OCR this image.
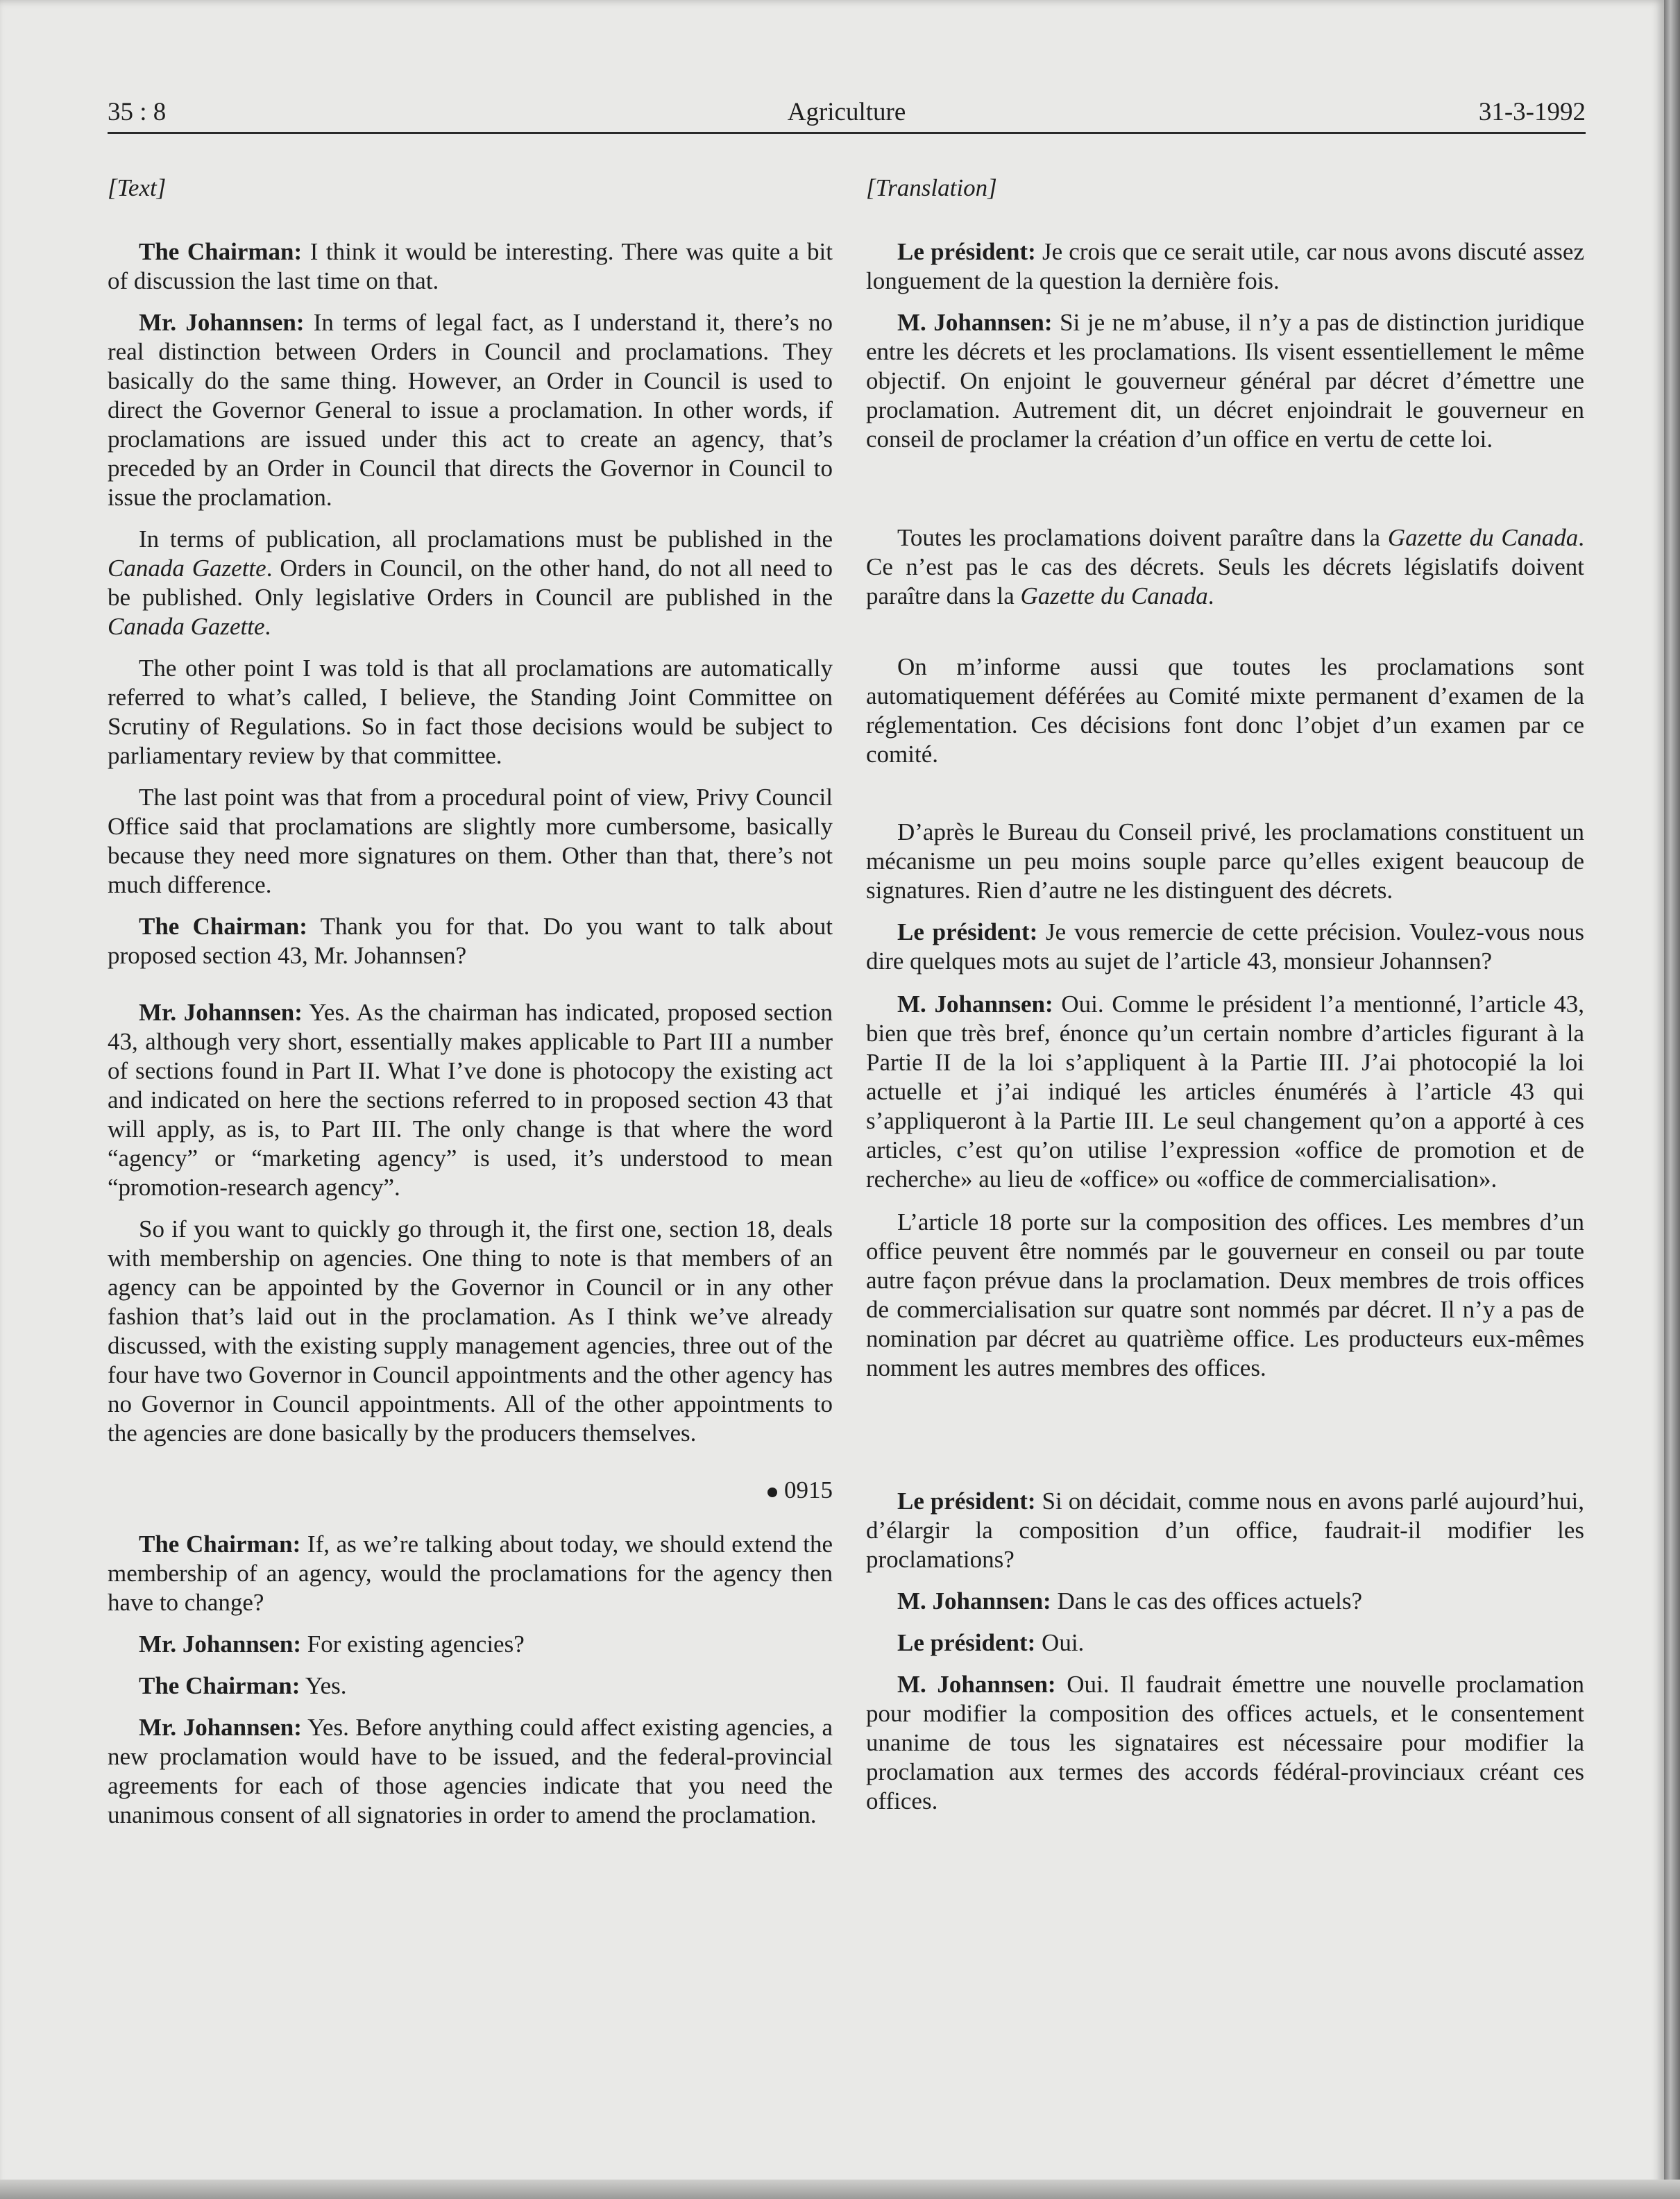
35 : 8	Agriculture	31-3-1992
[Text]

The Chairman: I think it would be interesting. There was quite a bit of discussion the last time on that.

Mr. Johannsen: In terms of legal fact, as I understand it, there’s no real distinction between Orders in Council and proclamations. They basically do the same thing. However, an Order in Council is used to direct the Governor General to issue a proclamation. In other words, if proclamations are issued under this act to create an agency, that’s preceded by an Order in Council that directs the Governor in Council to issue the proclamation.

In terms of publication, all proclamations must be published in the Canada Gazette. Orders in Council, on the other hand, do not all need to be published. Only legislative Orders in Council are published in the Canada Gazette.

The other point I was told is that all proclamations are automatically referred to what’s called, I believe, the Standing Joint Committee on Scrutiny of Regulations. So in fact those decisions would be subject to parliamentary review by that committee.

The last point was that from a procedural point of view, Privy Council Office said that proclamations are slightly more cumbersome, basically because they need more signatures on them. Other than that, there’s not much difference.

The Chairman: Thank you for that. Do you want to talk about proposed section 43, Mr. Johannsen?

Mr. Johannsen: Yes. As the chairman has indicated, proposed section 43, although very short, essentially makes applicable to Part III a number of sections found in Part II. What I’ve done is photocopy the existing act and indicated on here the sections referred to in proposed section 43 that will apply, as is, to Part III. The only change is that where the word “agency” or “marketing agency” is used, it’s understood to mean “promotion-research agency”.

So if you want to quickly go through it, the first one, section 18, deals with membership on agencies. One thing to note is that members of an agency can be appointed by the Governor in Council or in any other fashion that’s laid out in the proclamation. As I think we’ve already discussed, with the existing supply management agencies, three out of the four have two Governor in Council appointments and the other agency has no Governor in Council appointments. All of the other appointments to the agencies are done basically by the producers themselves.

0915

The Chairman: If, as we’re talking about today, we should extend the membership of an agency, would the proclamations for the agency then have to change?

Mr. Johannsen: For existing agencies?

The Chairman: Yes.

Mr. Johannsen: Yes. Before anything could affect existing agencies, a new proclamation would have to be issued, and the federal-provincial agreements for each of those agencies indicate that you need the unanimous consent of all signatories in order to amend the proclamation.

[Translation]

Le président: Je crois que ce serait utile, car nous avons discuté assez longuement de la question la dernière fois.

M. Johannsen: Si je ne m’abuse, il n’y a pas de distinction juridique entre les décrets et les proclamations. Ils visent essentiellement le même objectif. On enjoint le gouverneur général par décret d’émettre une proclamation. Autrement dit, un décret enjoindrait le gouverneur en conseil de proclamer la création d’un office en vertu de cette loi.

Toutes les proclamations doivent paraître dans la Gazette du Canada. Ce n’est pas le cas des décrets. Seuls les décrets législatifs doivent paraître dans la Gazette du Canada.

On m’informe aussi que toutes les proclamations sont automatiquement déférées au Comité mixte permanent d’examen de la réglementation. Ces décisions font donc l’objet d’un examen par ce comité.

D’après le Bureau du Conseil privé, les proclamations constituent un mécanisme un peu moins souple parce qu’elles exigent beaucoup de signatures. Rien d’autre ne les distinguent des décrets.

Le président: Je vous remercie de cette précision. Voulez-vous nous dire quelques mots au sujet de l’article 43, monsieur Johannsen?

M. Johannsen: Oui. Comme le président l’a mentionné, l’article 43, bien que très bref, énonce qu’un certain nombre d’articles figurant à la Partie II de la loi s’appliquent à la Partie III. J’ai photocopié la loi actuelle et j’ai indiqué les articles énumérés à l’article 43 qui s’appliqueront à la Partie III. Le seul changement qu’on a apporté à ces articles, c’est qu’on utilise l’expression «office de promotion et de recherche» au lieu de «office» ou «office de commercialisation».

L’article 18 porte sur la composition des offices. Les membres d’un office peuvent être nommés par le gouverneur en conseil ou par toute autre façon prévue dans la proclamation. Deux membres de trois offices de commercialisation sur quatre sont nommés par décret. Il n’y a pas de nomination par décret au quatrième office. Les producteurs eux-mêmes nomment les autres membres des offices.

Le président: Si on décidait, comme nous en avons parlé aujourd’hui, d’élargir la composition d’un office, faudrait-il modifier les proclamations?

M. Johannsen: Dans le cas des offices actuels?

Le président: Oui.

M. Johannsen: Oui. Il faudrait émettre une nouvelle proclamation pour modifier la composition des offices actuels, et le consentement unanime de tous les signataires est nécessaire pour modifier la proclamation aux termes des accords fédéral-provinciaux créant ces offices.
